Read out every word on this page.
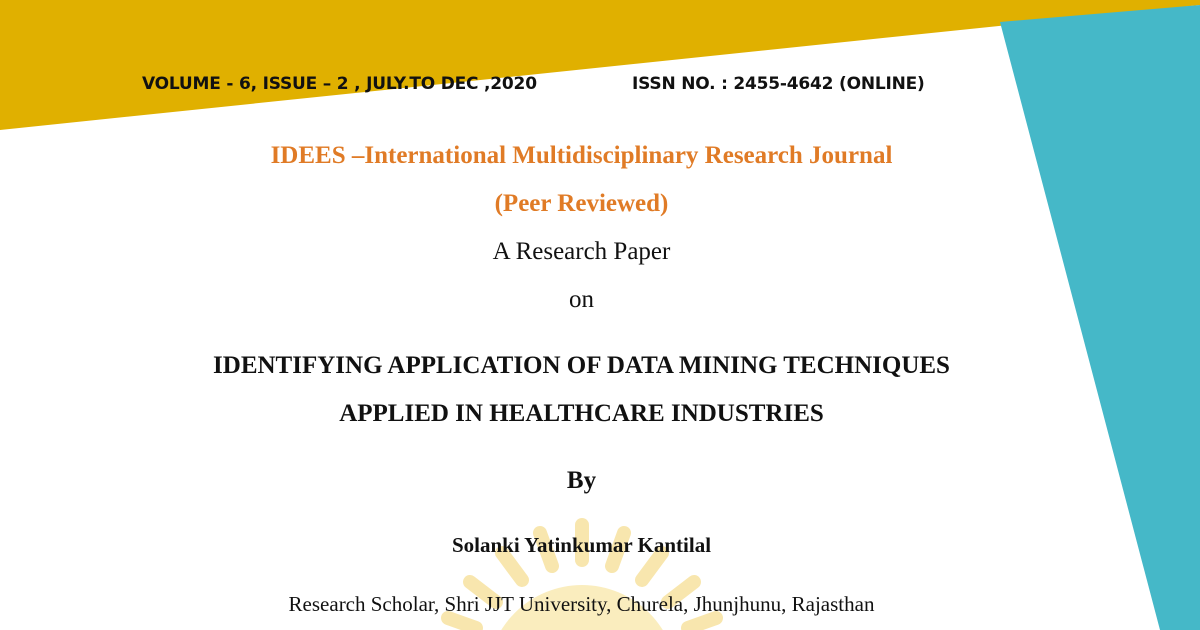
VOLUME - 6, ISSUE – 2 , JULY.TO DEC ,2020	ISSN NO. : 2455-4642 (ONLINE)
IDEES –International Multidisciplinary Research Journal
(Peer Reviewed)
A Research Paper
on
IDENTIFYING APPLICATION OF DATA MINING TECHNIQUES
APPLIED IN HEALTHCARE INDUSTRIES
By
Solanki Yatinkumar Kantilal
Research Scholar, Shri JJT University, Churela, Jhunjhunu, Rajasthan
